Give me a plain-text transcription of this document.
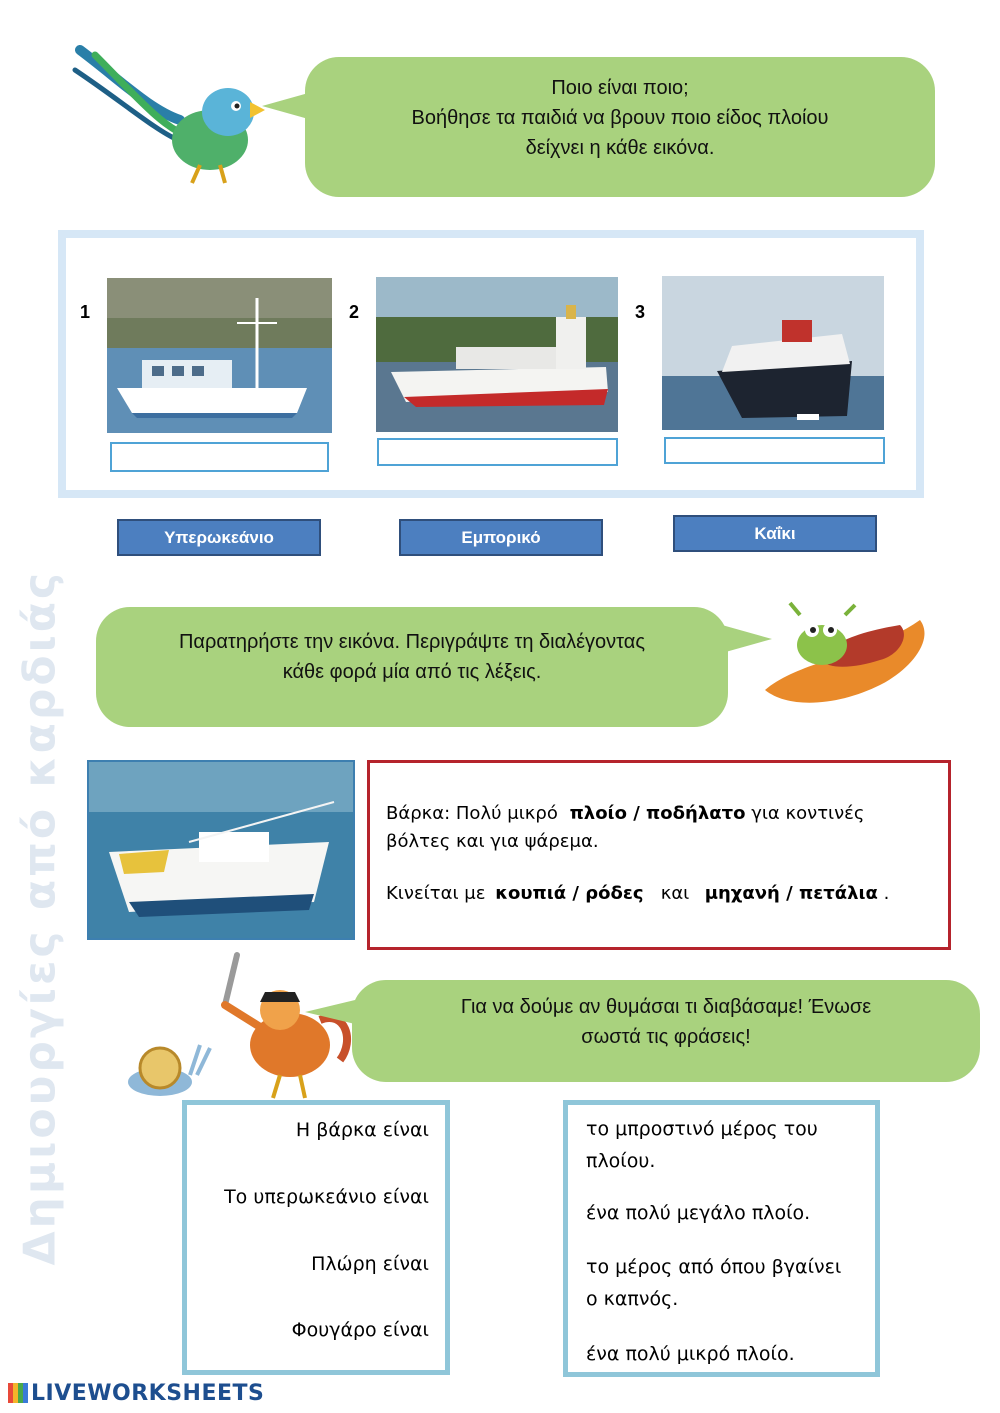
Δημιουργίες από καρδιάς
Ποιο είναι ποιο;
Βοήθησε τα παιδιά να βρουν ποιο είδος πλοίου
δείχνει η κάθε εικόνα.
1	2	3
Υπερωκεάνιο	Εμπορικό	Καΐκι
Παρατηρήστε την εικόνα. Περιγράψτε τη διαλέγοντας
κάθε φορά μία από τις λέξεις.
Βάρκα: Πολύ μικρό πλοίο / ποδήλατο για κοντινές
βόλτες και για ψάρεμα.
Κινείται με κουπιά / ρόδες   και  μηχανή / πετάλια .
Για να δούμε αν θυμάσαι τι διαβάσαμε! Ένωσε
σωστά τις φράσεις!
Η βάρκα είναι
Το υπερωκεάνιο είναι
Πλώρη είναι
Φουγάρο είναι
το μπροστινό μέρος του
πλοίου.
ένα πολύ μεγάλο πλοίο.
το μέρος από όπου βγαίνει
ο καπνός.
ένα πολύ μικρό πλοίο.
LIVEWORKSHEETS
